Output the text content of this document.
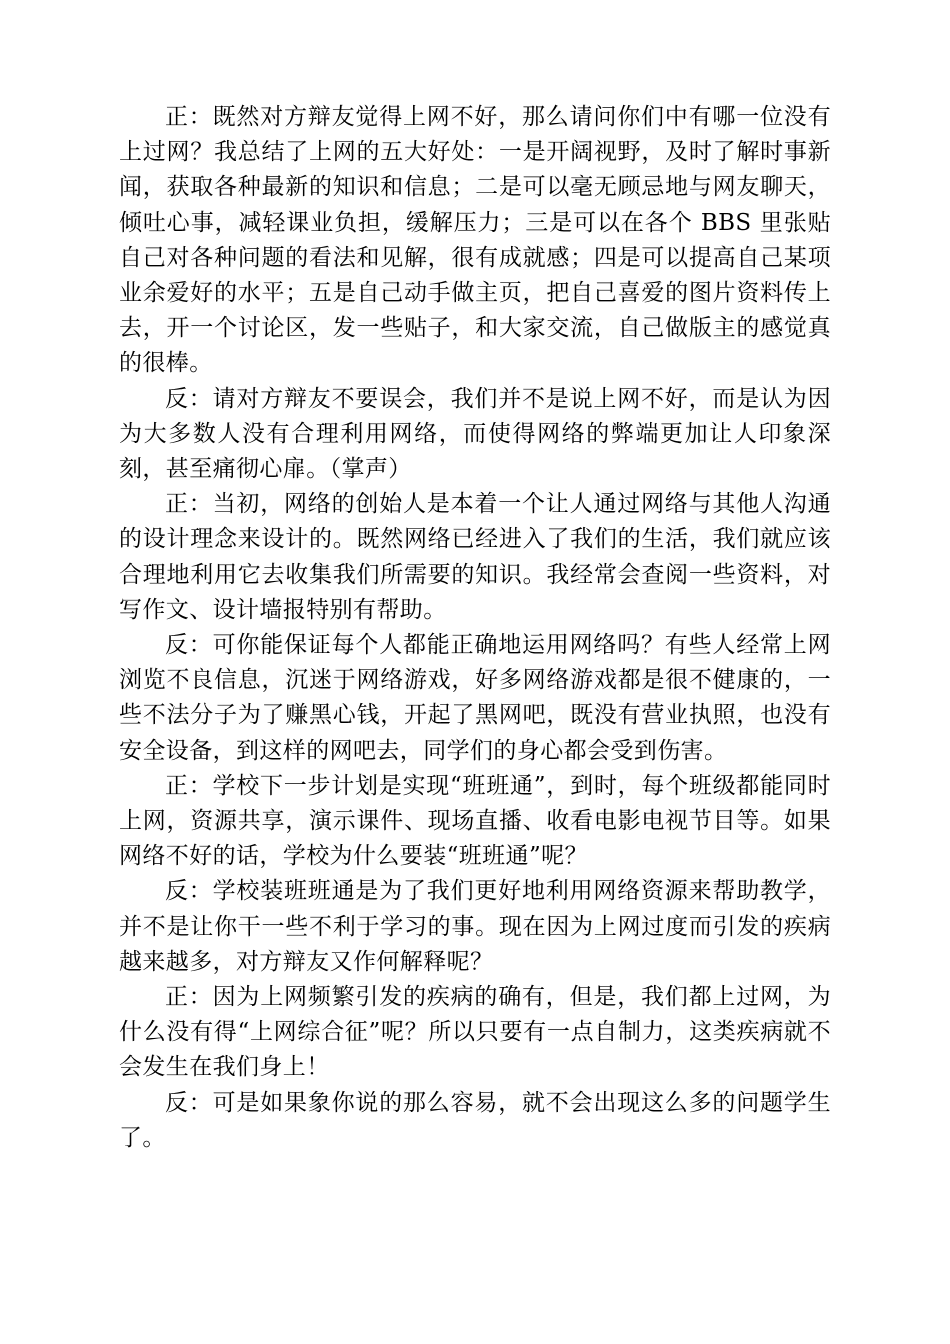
正：既然对方辩友觉得上网不好，那么请问你们中有哪一位没有上过网？我总结了上网的五大好处：一是开阔视野，及时了解时事新闻，获取各种最新的知识和信息；二是可以毫无顾忌地与网友聊天，倾吐心事，减轻课业负担，缓解压力；三是可以在各个 BBS 里张贴自己对各种问题的看法和见解，很有成就感；四是可以提高自己某项业余爱好的水平；五是自己动手做主页，把自己喜爱的图片资料传上去，开一个讨论区，发一些贴子，和大家交流，自己做版主的感觉真的很棒。

反：请对方辩友不要误会，我们并不是说上网不好，而是认为因为大多数人没有合理利用网络，而使得网络的弊端更加让人印象深刻，甚至痛彻心扉。（掌声）

正：当初，网络的创始人是本着一个让人通过网络与其他人沟通的设计理念来设计的。既然网络已经进入了我们的生活，我们就应该合理地利用它去收集我们所需要的知识。我经常会查阅一些资料，对写作文、设计墙报特别有帮助。

反：可你能保证每个人都能正确地运用网络吗？有些人经常上网浏览不良信息，沉迷于网络游戏，好多网络游戏都是很不健康的，一些不法分子为了赚黑心钱，开起了黑网吧，既没有营业执照，也没有安全设备，到这样的网吧去，同学们的身心都会受到伤害。

正：学校下一步计划是实现“班班通”，到时，每个班级都能同时上网，资源共享，演示课件、现场直播、收看电影电视节目等。如果网络不好的话，学校为什么要装“班班通”呢？

反：学校装班班通是为了我们更好地利用网络资源来帮助教学，并不是让你干一些不利于学习的事。现在因为上网过度而引发的疾病越来越多，对方辩友又作何解释呢？

正：因为上网频繁引发的疾病的确有，但是，我们都上过网，为什么没有得“上网综合征”呢？所以只要有一点自制力，这类疾病就不会发生在我们身上！

反：可是如果象你说的那么容易，就不会出现这么多的问题学生了。
